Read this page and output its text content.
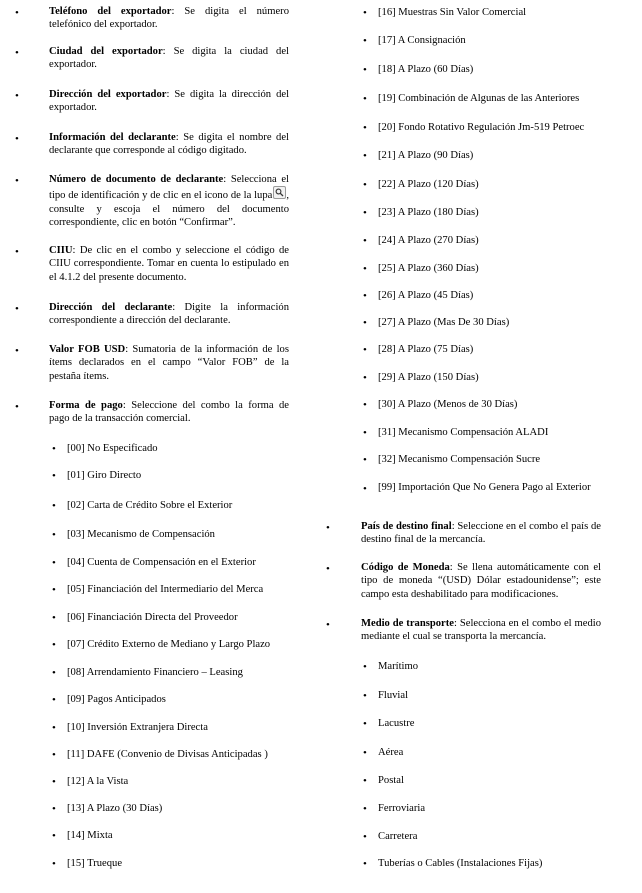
•	Teléfono del exportador: Se digita el número telefónico del exportador.
•	Ciudad del exportador: Se digita la ciudad del exportador.
•	Dirección del exportador: Se digita la dirección del exportador.
•	Información del declarante: Se digita el nombre del declarante que corresponde al código digitado.
•	Número de documento de declarante: Selecciona el tipo de identificación y de clic en el icono de la lupa , consulte y escoja el número del documento correspondiente, clic en botón “Confirmar”.
•	CIIU: De clic en el combo y seleccione el código de CIIU correspondiente. Tomar en cuenta lo estipulado en el 4.1.2 del presente documento.
•	Dirección del declarante: Digite la información correspondiente a dirección del declarante.
•	Valor FOB USD: Sumatoria de la información de los ítems declarados en el campo “Valor FOB” de la pestaña ítems.
•	Forma de pago: Seleccione del combo la forma de pago de la transacción comercial.
• [00] No Especificado
• [01] Giro Directo
• [02] Carta de Crédito Sobre el Exterior
• [03] Mecanismo de Compensación
• [04] Cuenta de Compensación en el Exterior
• [05] Financiación del Intermediario del Merca
• [06] Financiación Directa del Proveedor
• [07] Crédito Externo de Mediano y Largo Plazo
• [08] Arrendamiento Financiero – Leasing
• [09] Pagos Anticipados
• [10] Inversión Extranjera Directa
• [11] DAFE (Convenio de Divisas Anticipadas )
• [12] A la Vista
• [13] A Plazo (30 Días)
• [14] Mixta
• [15] Trueque
• [16] Muestras Sin Valor Comercial
• [17] A Consignación
• [18] A Plazo (60 Días)
• [19] Combinación de Algunas de las Anteriores
• [20] Fondo Rotativo Regulación Jm-519 Petroec
• [21] A Plazo (90 Días)
• [22] A Plazo (120 Días)
• [23] A Plazo (180 Días)
• [24] A Plazo (270 Días)
• [25] A Plazo (360 Días)
• [26] A Plazo (45 Días)
• [27] A Plazo (Mas De 30 Días)
• [28] A Plazo (75 Días)
• [29] A Plazo (150 Días)
• [30] A Plazo (Menos de 30 Días)
• [31] Mecanismo Compensación ALADI
• [32] Mecanismo Compensación Sucre
• [99] Importación Que No Genera Pago al Exterior
•	País de destino final: Seleccione en el combo el país de destino final de la mercancía.
•	Código de Moneda: Se llena automáticamente con el tipo de moneda “(USD) Dólar estadounidense”; este campo esta deshabilitado para modificaciones.
•	Medio de transporte: Selecciona en el combo el medio mediante el cual se transporta la mercancía.
• Marítimo
• Fluvial
• Lacustre
• Aérea
• Postal
• Ferroviaria
• Carretera
• Tuberías o Cables (Instalaciones Fijas)
